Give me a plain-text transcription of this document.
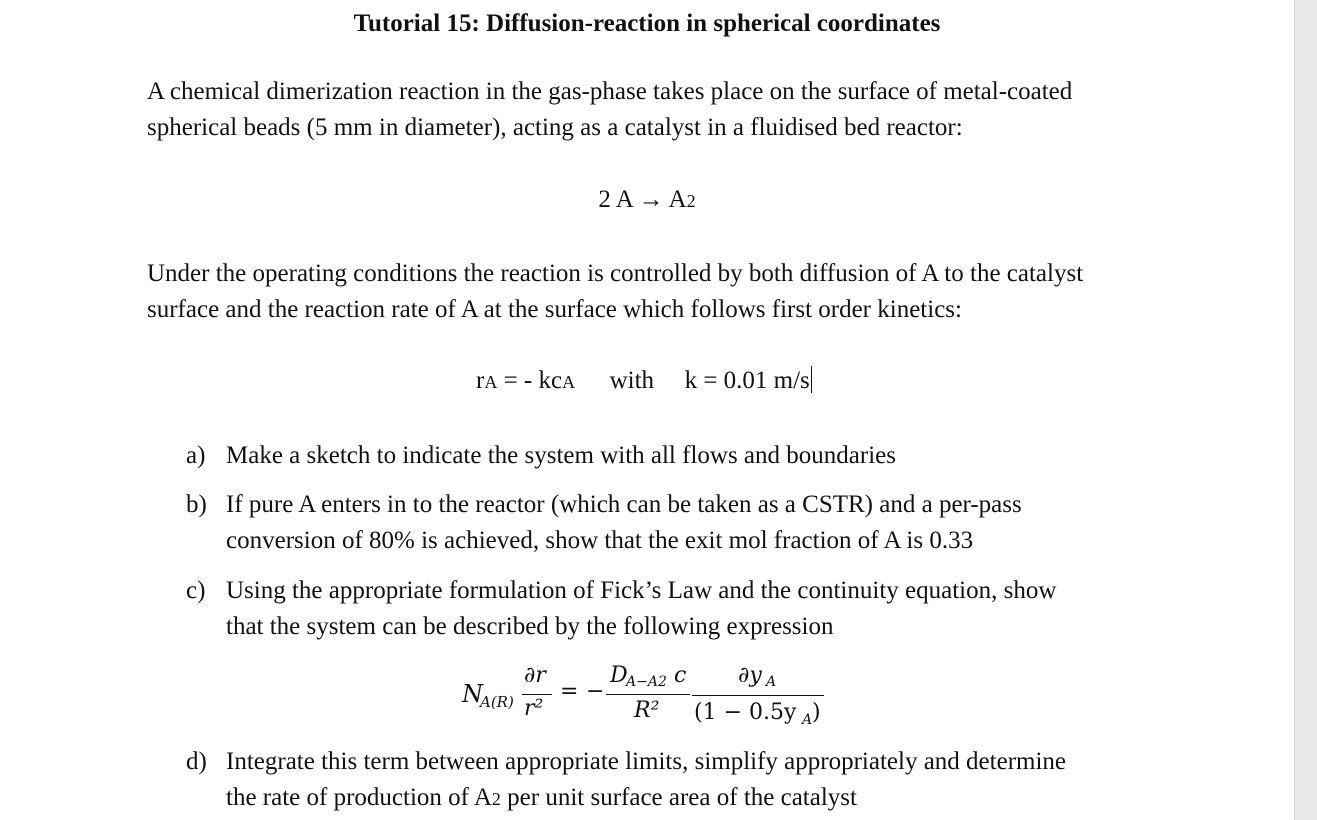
Tutorial 15: Diffusion-reaction in spherical coordinates
A chemical dimerization reaction in the gas-phase takes place on the surface of metal-coated
spherical beads (5 mm in diameter), acting as a catalyst in a fluidised bed reactor:
2 A → A2
Under the operating conditions the reaction is controlled by both diffusion of A to the catalyst
surface and the reaction rate of A at the surface which follows first order kinetics:
rA = - kcA with k = 0.01 m/s
a) Make a sketch to indicate the system with all flows and boundaries
b) If pure A enters in to the reactor (which can be taken as a CSTR) and a per-pass
conversion of 80% is achieved, show that the exit mol fraction of A is 0.33
c) Using the appropriate formulation of Fick’s Law and the continuity equation, show
that the system can be described by the following expression
N
A(R)
∂r
r²
= −
D
A−A2 c
R²
∂y A
(1 − 0.5y A )
d) Integrate this term between appropriate limits, simplify appropriately and determine
the rate of production of A2 per unit surface area of the catalyst
